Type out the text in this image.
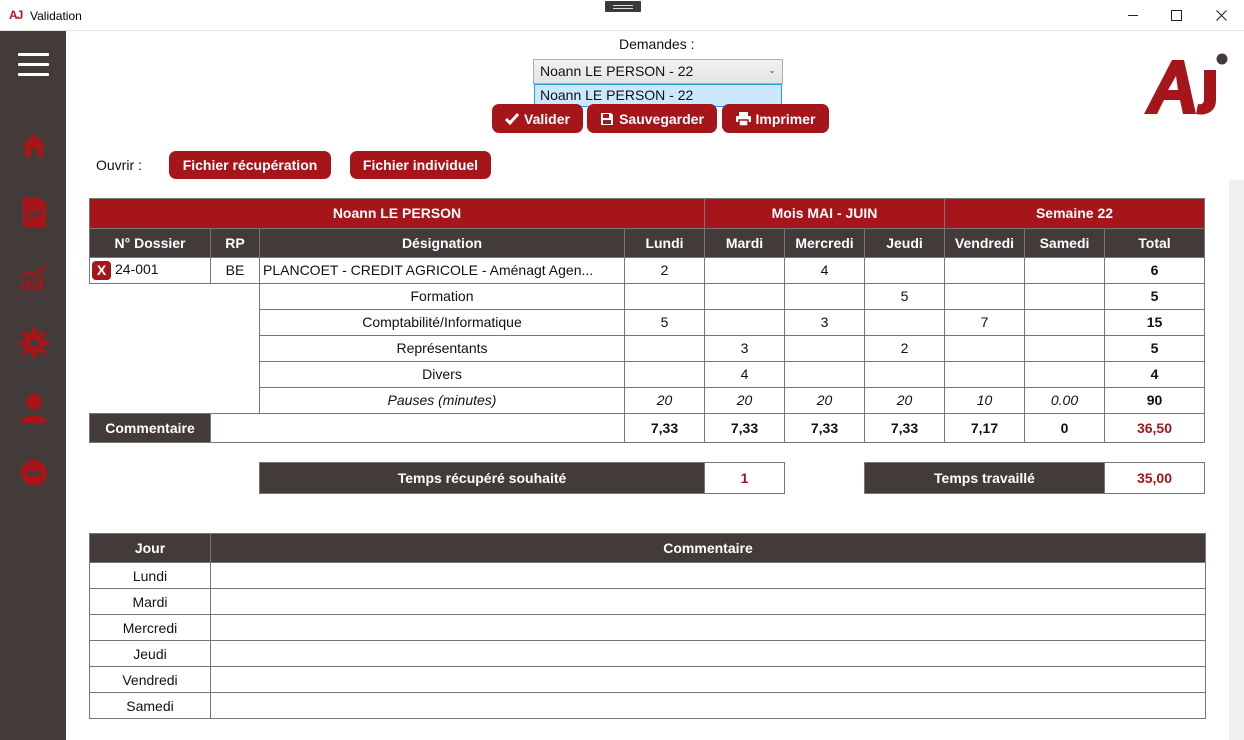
AJ Validation
Demandes :
Noann LE PERSON - 22	⌄
Noann LE PERSON - 22
Valider	Sauvegarder	Imprimer
Ouvrir :	Fichier récupération	Fichier individuel

Noann LE PERSON				Mois MAI - JUIN			Semaine 22		
N° Dossier	RP	Désignation	Lundi	Mardi	Mercredi	Jeudi	Vendredi	Samedi	Total
X 24-001	BE	PLANCOET - CREDIT AGRICOLE - Aménagt Agen...	2		4				6
		Formation				5			5
		Comptabilité/Informatique	5		3		7		15
		Représentants		3		2			5
		Divers		4					4
		Pauses (minutes)	20	20	20	20	10	0.00	90
Commentaire			7,33	7,33	7,33	7,33	7,17	0	36,50
Temps récupéré souhaité	1	Temps travaillé	35,00
Jour	Commentaire
Lundi	
Mardi	
Mercredi	
Jeudi	
Vendredi	
Samedi	
